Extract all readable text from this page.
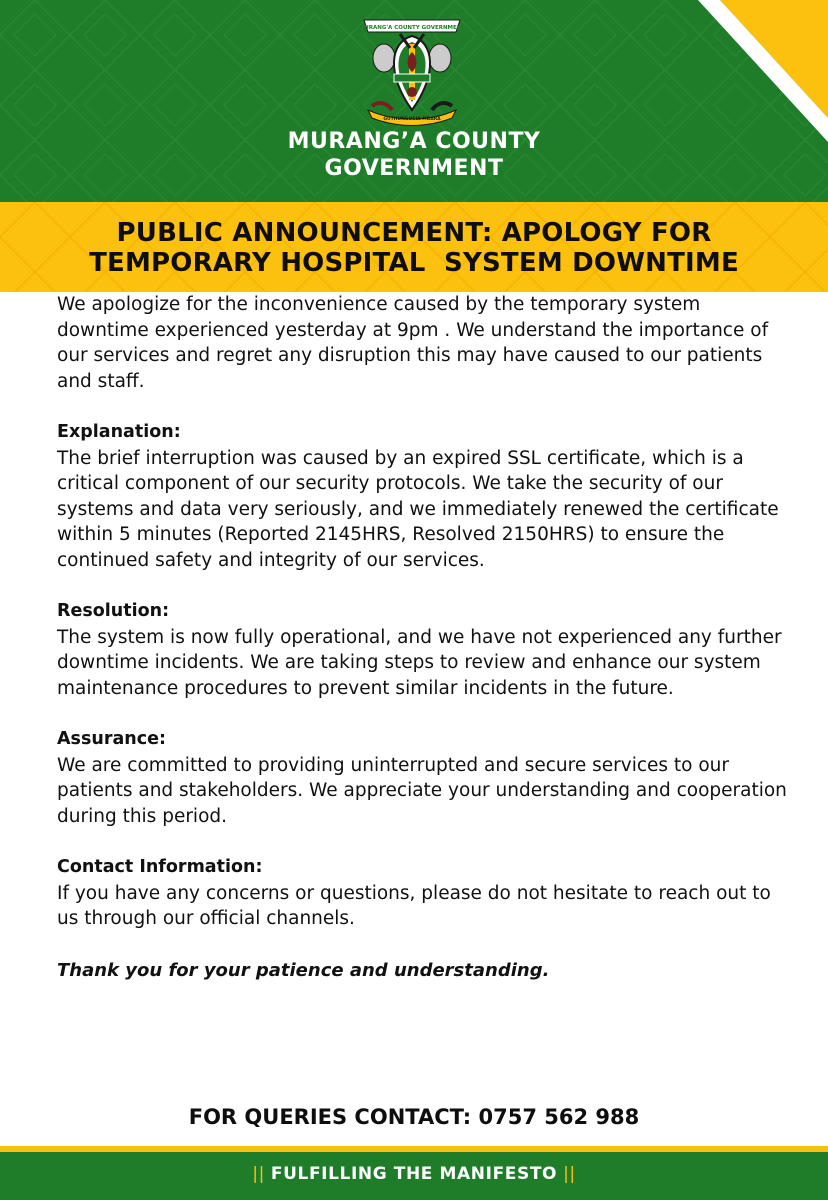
MURANG'A COUNTY GOVERNMENT
GUTHUNGUCIA MBARA
MURANG’A COUNTY
GOVERNMENT
PUBLIC ANNOUNCEMENT: APOLOGY FOR
TEMPORARY HOSPITAL  SYSTEM DOWNTIME

We apologize for the inconvenience caused by the temporary system downtime experienced yesterday at 9pm . We understand the importance of our services and regret any disruption this may have caused to our patients and staff.

Explanation:
The brief interruption was caused by an expired SSL certificate, which is a critical component of our security protocols. We take the security of our systems and data very seriously, and we immediately renewed the certificate within 5 minutes (Reported 2145HRS, Resolved 2150HRS) to ensure the continued safety and integrity of our services.

Resolution:
The system is now fully operational, and we have not experienced any further downtime incidents. We are taking steps to review and enhance our system maintenance procedures to prevent similar incidents in the future.

Assurance:
We are committed to providing uninterrupted and secure services to our patients and stakeholders. We appreciate your understanding and cooperation during this period.

Contact Information:
If you have any concerns or questions, please do not hesitate to reach out to us through our official channels.

Thank you for your patience and understanding.

FOR QUERIES CONTACT: 0757 562 988
|| FULFILLING THE MANIFESTO ||
